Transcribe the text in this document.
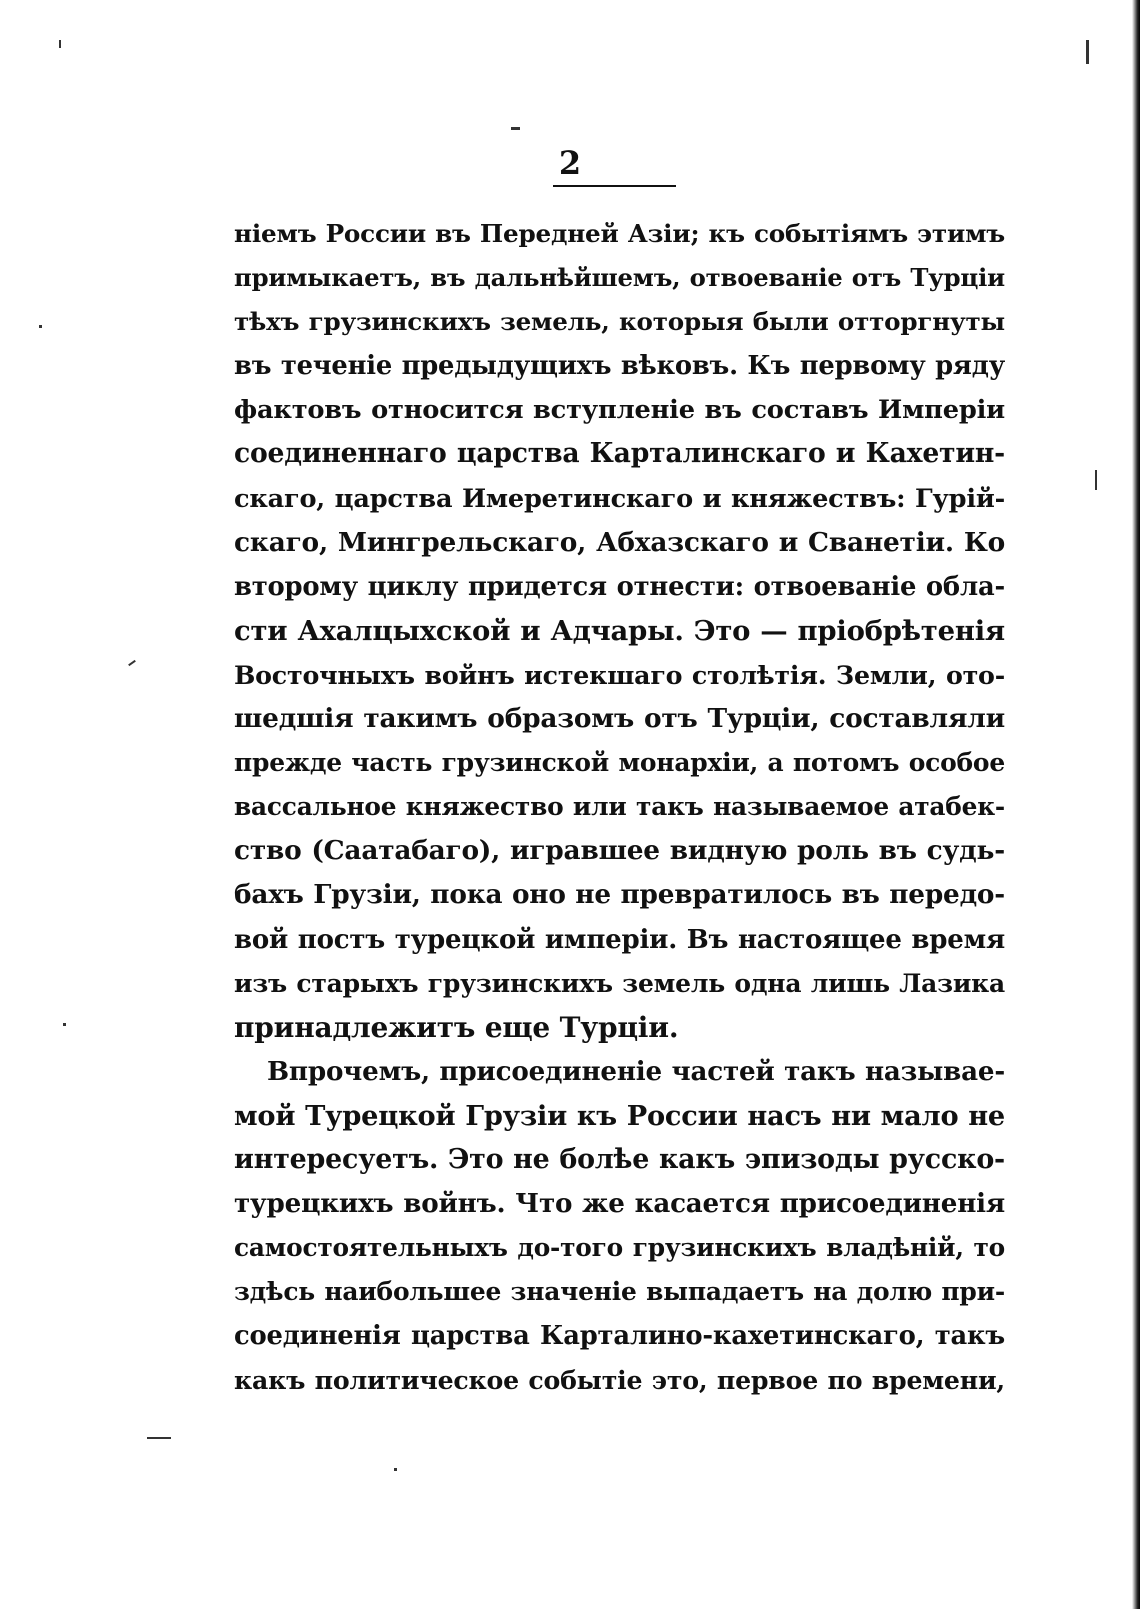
2
ніемъ России въ Передней Азіи; къ событіямъ этимъ
примыкаетъ, въ дальнѣйшемъ, отвоеваніе отъ Турціи
тѣхъ грузинскихъ земель, которыя были отторгнуты
въ теченіе предыдущихъ вѣковъ. Къ первому ряду
фактовъ относится вступленіе въ составъ Имперіи
соединеннаго царства Карталинскаго и Кахетин-
скаго, царства Имеретинскаго и княжествъ: Гурій-
скаго, Мингрельскаго, Абхазскаго и Сванетіи. Ко
второму циклу придется отнести: отвоеваніе обла-
сти Ахалцыхской и Адчары. Это — пріобрѣтенія
Восточныхъ войнъ истекшаго столѣтія. Земли, ото-
шедшія такимъ образомъ отъ Турціи, составляли
прежде часть грузинской монархіи, а потомъ особое
вассальное княжество или такъ называемое атабек-
ство (Саатабаго), игравшее видную роль въ судь-
бахъ Грузіи, пока оно не превратилось въ передо-
вой постъ турецкой имперіи. Въ настоящее время
изъ старыхъ грузинскихъ земель одна лишь Лазика
принадлежитъ еще Турціи.
Впрочемъ, присоединеніе частей такъ называе-
мой Турецкой Грузіи къ России насъ ни мало не
интересуетъ. Это не болѣе какъ эпизоды русско-
турецкихъ войнъ. Что же касается присоединенія
самостоятельныхъ до-того грузинскихъ владѣній, то
здѣсь наибольшее значеніе выпадаетъ на долю при-
соединенія царства Карталино-кахетинскаго, такъ
какъ политическое событіе это, первое по времени,
